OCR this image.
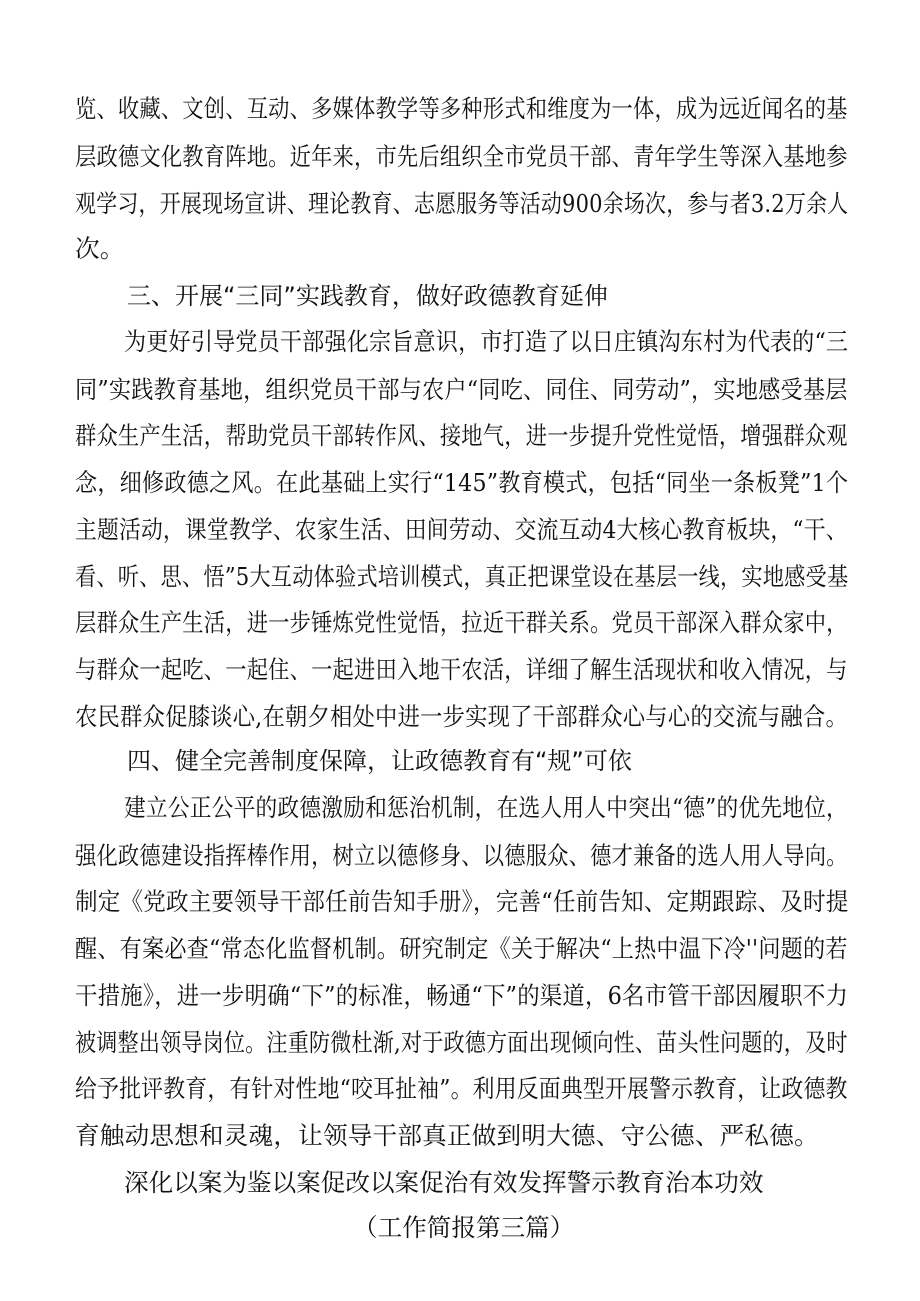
览、收藏、文创、互动、多媒体教学等多种形式和维度为一体，成为远近闻名的基
层政德文化教育阵地。近年来，市先后组织全市党员干部、青年学生等深入基地参
观学习，开展现场宣讲、理论教育、志愿服务等活动900余场次，参与者3.2万余人
次。
三、开展“三同”实践教育，做好政德教育延伸
为更好引导党员干部强化宗旨意识，市打造了以日庄镇沟东村为代表的“三
同”实践教育基地，组织党员干部与农户“同吃、同住、同劳动”，实地感受基层
群众生产生活，帮助党员干部转作风、接地气，进一步提升党性觉悟，增强群众观
念，细修政德之风。在此基础上实行“145”教育模式，包括“同坐一条板凳”1个
主题活动，课堂教学、农家生活、田间劳动、交流互动4大核心教育板块，“干、
看、听、思、悟”5大互动体验式培训模式，真正把课堂设在基层一线，实地感受基
层群众生产生活，进一步锤炼党性觉悟，拉近干群关系。党员干部深入群众家中，
与群众一起吃、一起住、一起进田入地干农活，详细了解生活现状和收入情况，与
农民群众促膝谈心,在朝夕相处中进一步实现了干部群众心与心的交流与融合。
四、健全完善制度保障，让政德教育有“规”可依
建立公正公平的政德激励和惩治机制，在选人用人中突出“德”的优先地位，
强化政德建设指挥棒作用，树立以德修身、以德服众、德才兼备的选人用人导向。
制定《党政主要领导干部任前告知手册》，完善“任前告知、定期跟踪、及时提
醒、有案必查“常态化监督机制。研究制定《关于解决“上热中温下冷''问题的若
干措施》，进一步明确“下”的标准，畅通“下”的渠道，6名市管干部因履职不力
被调整出领导岗位。注重防微杜渐,对于政德方面出现倾向性、苗头性问题的，及时
给予批评教育，有针对性地“咬耳扯袖”。利用反面典型开展警示教育，让政德教
育触动思想和灵魂，让领导干部真正做到明大德、守公德、严私德。
深化以案为鉴以案促改以案促治有效发挥警示教育治本功效
（工作简报第三篇）
